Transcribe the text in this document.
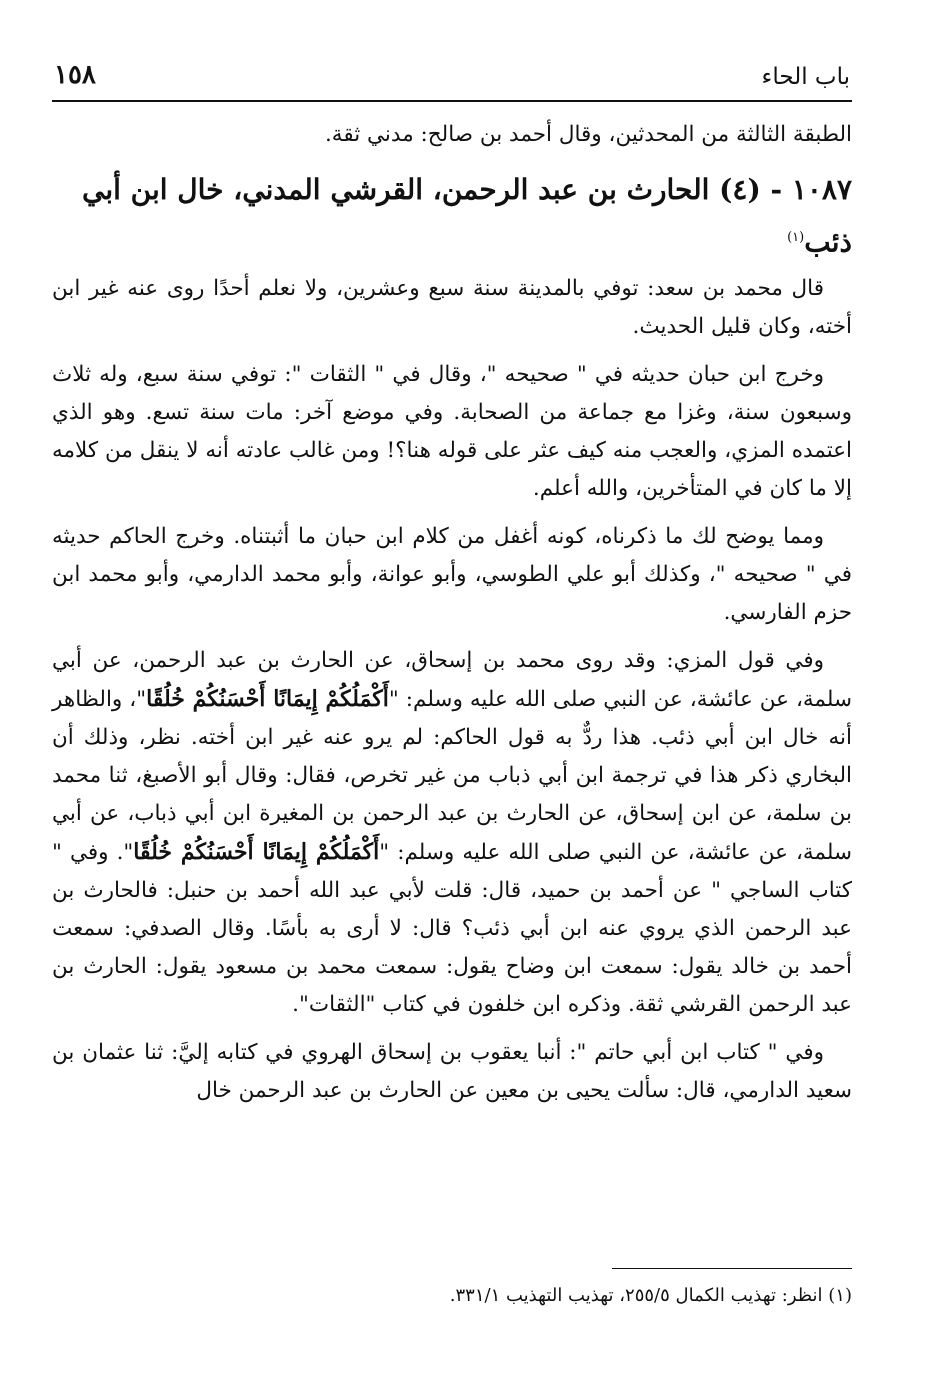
باب الحاء
١٥٨

الطبقة الثالثة من المحدثين، وقال أحمد بن صالح: مدني ثقة.

١٠٨٧ - (٤) الحارث بن عبد الرحمن، القرشي المدني، خال ابن أبي ذئب$^{(١)}$

قال محمد بن سعد: توفي بالمدينة سنة سبع وعشرين، ولا نعلم أحدًا روى عنه غير ابن أخته، وكان قليل الحديث.

وخرج ابن حبان حديثه في " صحيحه "، وقال في " الثقات ": توفي سنة سبع، وله ثلاث وسبعون سنة، وغزا مع جماعة من الصحابة. وفي موضع آخر: مات سنة تسع. وهو الذي اعتمده المزي، والعجب منه كيف عثر على قوله هنا؟! ومن غالب عادته أنه لا ينقل من كلامه إلا ما كان في المتأخرين، والله أعلم.

ومما يوضح لك ما ذكرناه، كونه أغفل من كلام ابن حبان ما أثبتناه. وخرج الحاكم حديثه في " صحيحه "، وكذلك أبو علي الطوسي، وأبو عوانة، وأبو محمد الدارمي، وأبو محمد ابن حزم الفارسي.

وفي قول المزي: وقد روى محمد بن إسحاق، عن الحارث بن عبد الرحمن، عن أبي سلمة، عن عائشة، عن النبي صلى الله عليه وسلم: "أَكْمَلُكُمْ إِيمَانًا أَحْسَنُكُمْ خُلُقًا"، والظاهر أنه خال ابن أبي ذئب. هذا ردٌّ به قول الحاكم: لم يرو عنه غير ابن أخته. نظر، وذلك أن البخاري ذكر هذا في ترجمة ابن أبي ذباب من غير تخرص، فقال: وقال أبو الأصبغ، ثنا محمد بن سلمة، عن ابن إسحاق، عن الحارث بن عبد الرحمن بن المغيرة ابن أبي ذباب، عن أبي سلمة، عن عائشة، عن النبي صلى الله عليه وسلم: "أَكْمَلُكُمْ إِيمَانًا أَحْسَنُكُمْ خُلُقًا". وفي " كتاب الساجي " عن أحمد بن حميد، قال: قلت لأبي عبد الله أحمد بن حنبل: فالحارث بن عبد الرحمن الذي يروي عنه ابن أبي ذئب؟ قال: لا أرى به بأسًا. وقال الصدفي: سمعت أحمد بن خالد يقول: سمعت ابن وضاح يقول: سمعت محمد بن مسعود يقول: الحارث بن عبد الرحمن القرشي ثقة. وذكره ابن خلفون في كتاب "الثقات".

وفي " كتاب ابن أبي حاتم ": أنبا يعقوب بن إسحاق الهروي في كتابه إليَّ: ثنا عثمان بن سعيد الدارمي، قال: سألت يحيى بن معين عن الحارث بن عبد الرحمن خال

(١) انظر: تهذيب الكمال ٢٥٥/٥، تهذيب التهذيب ٣٣١/١.
